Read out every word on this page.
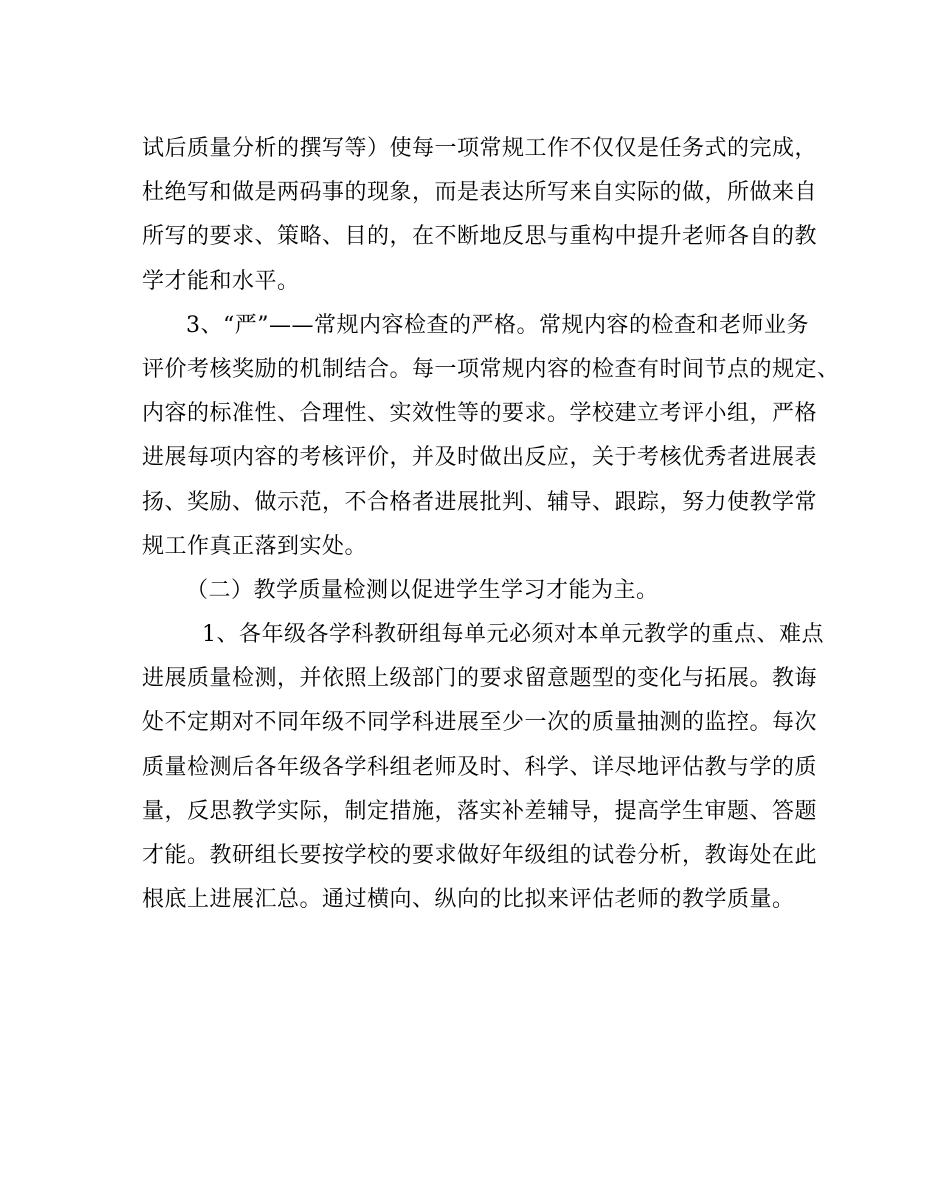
试后质量分析的撰写等）使每一项常规工作不仅仅是任务式的完成，
杜绝写和做是两码事的现象，而是表达所写来自实际的做，所做来自
所写的要求、策略、目的，在不断地反思与重构中提升老师各自的教
学才能和水平。
3、“严”——常规内容检查的严格。常规内容的检查和老师业务
评价考核奖励的机制结合。每一项常规内容的检查有时间节点的规定、
内容的标准性、合理性、实效性等的要求。学校建立考评小组，严格
进展每项内容的考核评价，并及时做出反应，关于考核优秀者进展表
扬、奖励、做示范，不合格者进展批判、辅导、跟踪，努力使教学常
规工作真正落到实处。
（二）教学质量检测以促进学生学习才能为主。
1、各年级各学科教研组每单元必须对本单元教学的重点、难点
进展质量检测，并依照上级部门的要求留意题型的变化与拓展。教诲
处不定期对不同年级不同学科进展至少一次的质量抽测的监控。每次
质量检测后各年级各学科组老师及时、科学、详尽地评估教与学的质
量，反思教学实际，制定措施，落实补差辅导，提高学生审题、答题
才能。教研组长要按学校的要求做好年级组的试卷分析，教诲处在此
根底上进展汇总。通过横向、纵向的比拟来评估老师的教学质量。
